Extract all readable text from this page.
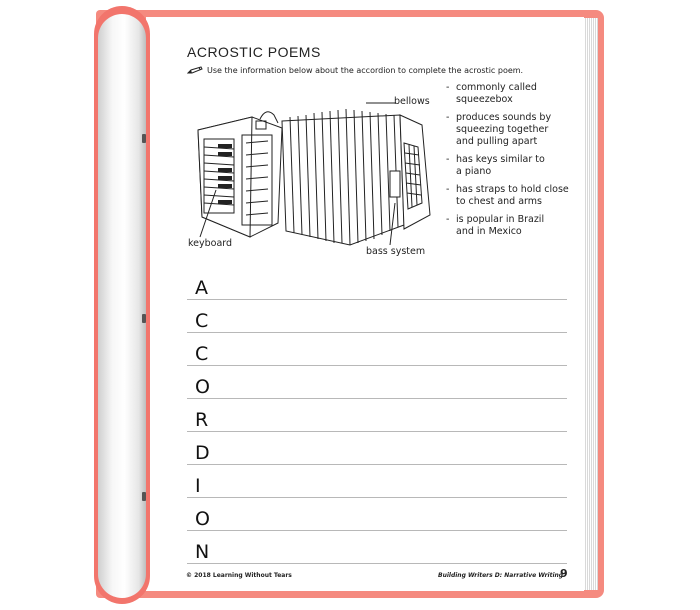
ACROSTIC POEMS
Use the information below about the accordion to complete the acrostic poem.
bellows
keyboard
bass system
- commonly called
squeezebox
- produces sounds by
squeezing together
and pulling apart
- has keys similar to
a piano
- has straps to hold close
to chest and arms
- is popular in Brazil
and in Mexico
A
C
C
O
R
D
I
O
N
© 2018 Learning Without Tears	Building Writers D: Narrative Writing
9
